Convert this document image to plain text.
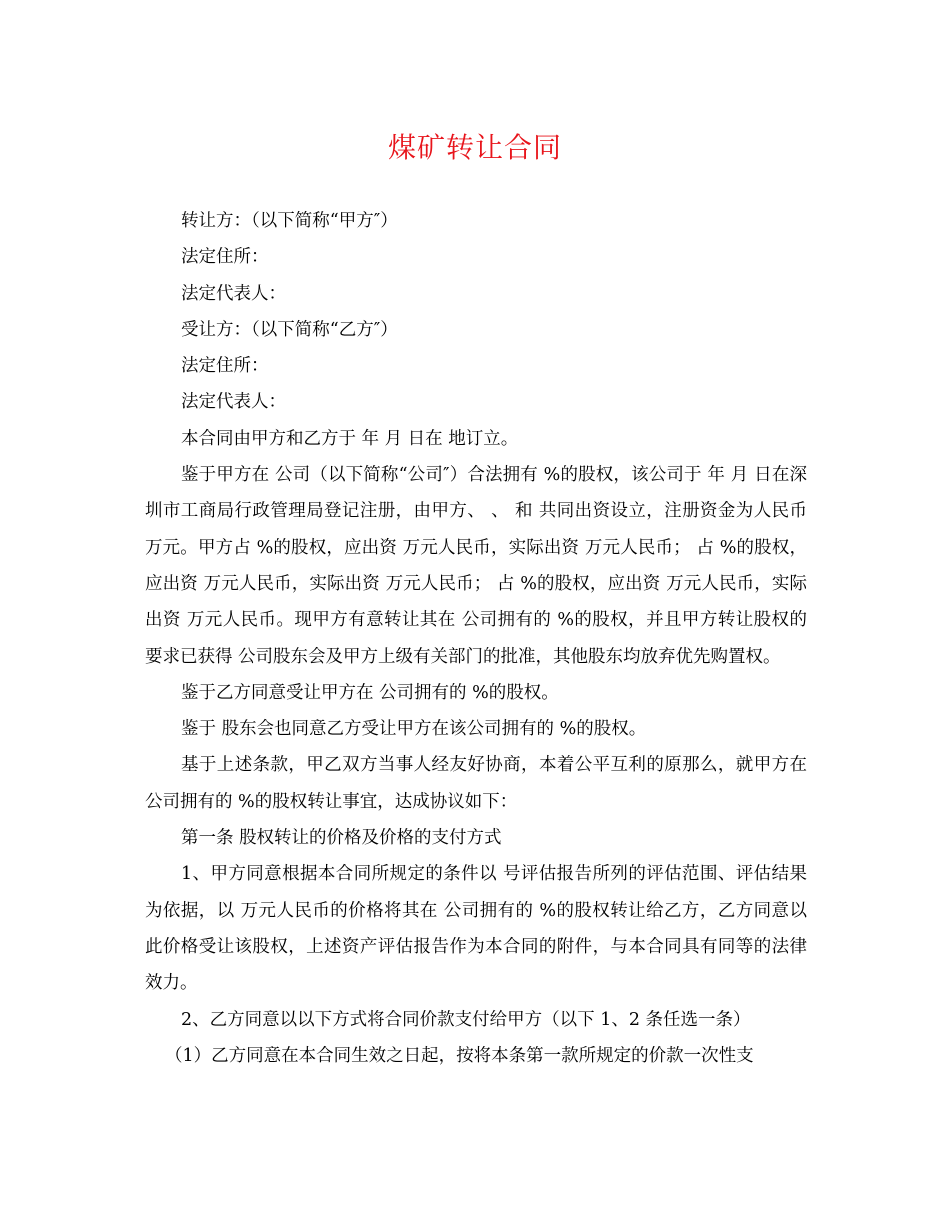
煤矿转让合同

转让方：（以下简称“甲方″）

法定住所：

法定代表人：

受让方：（以下简称“乙方″）

法定住所：

法定代表人：

本合同由甲方和乙方于 年 月 日在 地订立。

鉴于甲方在 公司（以下简称“公司″）合法拥有 %的股权，该公司于 年 月 日在深圳市工商局行政管理局登记注册，由甲方、 、 和 共同出资设立，注册资金为人民币 万元。甲方占 %的股权，应出资 万元人民币，实际出资 万元人民币； 占 %的股权，应出资 万元人民币，实际出资 万元人民币； 占 %的股权，应出资 万元人民币，实际出资 万元人民币。现甲方有意转让其在 公司拥有的 %的股权，并且甲方转让股权的要求已获得 公司股东会及甲方上级有关部门的批准，其他股东均放弃优先购置权。

鉴于乙方同意受让甲方在 公司拥有的 %的股权。

鉴于 股东会也同意乙方受让甲方在该公司拥有的 %的股权。

基于上述条款，甲乙双方当事人经友好协商，本着公平互利的原那么，就甲方在 公司拥有的 %的股权转让事宜，达成协议如下：

第一条 股权转让的价格及价格的支付方式

1、甲方同意根据本合同所规定的条件以 号评估报告所列的评估范围、评估结果为依据，以 万元人民币的价格将其在 公司拥有的 %的股权转让给乙方，乙方同意以此价格受让该股权，上述资产评估报告作为本合同的附件，与本合同具有同等的法律效力。

2、乙方同意以以下方式将合同价款支付给甲方（以下 1、2 条任选一条）

（1）乙方同意在本合同生效之日起，按将本条第一款所规定的价款一次性支
